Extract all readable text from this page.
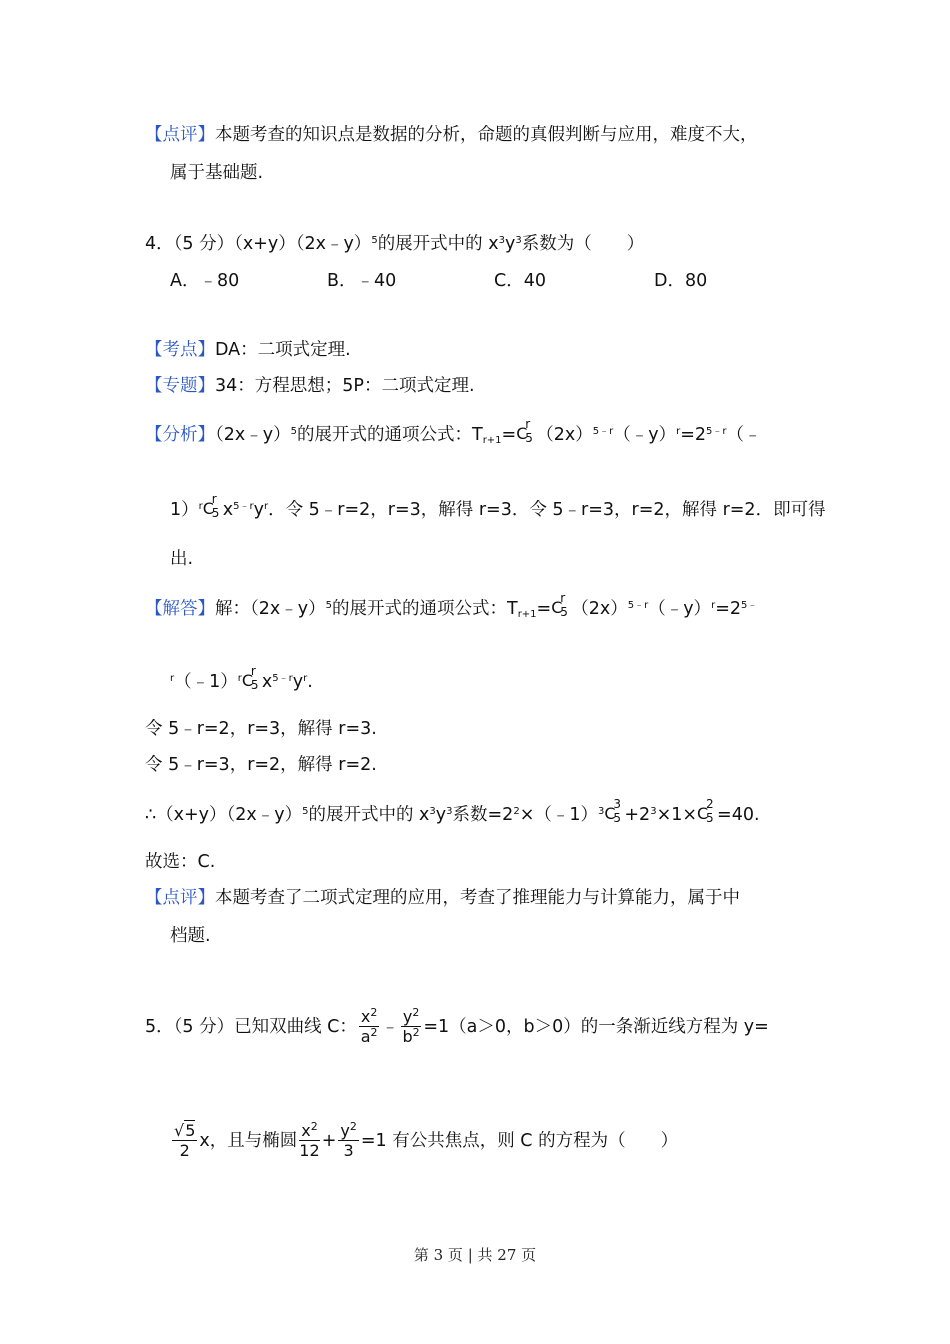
【点评】本题考查的知识点是数据的分析，命题的真假判断与应用，难度不大，
属于基础题.
4．（5 分）（x+y）（2x﹣y）$^5$的展开式中的 $x^3y^3$系数为（　　）
A．﹣80	B．﹣40	C．40	D．80
【考点】DA：二项式定理.
【专题】34：方程思想；5P：二项式定理.
【分析】（2x﹣y）$^5$的展开式的通项公式：$T_{r+1}= C$
r
5 $(2x)^{5﹣r}(﹣y)^r=2^{5﹣r}(﹣$
1）$^r$ C
r
5 $x^{5﹣r}y^r$．令 5﹣r=2，r=3，解得 r=3．令 5﹣r=3，r=2，解得 r=2．即可得
出.
【解答】解：（2x﹣y）$^5$的展开式的通项公式：$T_{r+1}= C$
r
5 $(2x)^{5﹣r}(﹣y)^r=2^{5﹣}$
$^r$（﹣1）$^r$ C
r
5 $x^{5﹣r}y^r$.
令 5﹣r=2，r=3，解得 r=3.
令 5﹣r=3，r=2，解得 r=2.
∴（x+y）（2x﹣y）$^5$的展开式中的 $x^3y^3$系数$=2^2\times(﹣1)^3$ C
3
$5 +2^3\times 1\times C$
2
5 =40.
故选：C.
【点评】本题考查了二项式定理的应用，考查了推理能力与计算能力，属于中
档题.
5．（5 分）已知双曲线 C： $\frac{x^2}{a^2}$ ﹣ $\frac{y^2}{b^2} =1(a>0$，b＞0）的一条渐近线方程为 y=
$\frac{√5}{2}$ x，且与椭圆 $\frac{x^2}{12} + \frac{y^2}{3} =1$ 有公共焦点，则 C 的方程为（　　）
第 3 页 | 共 27 页
